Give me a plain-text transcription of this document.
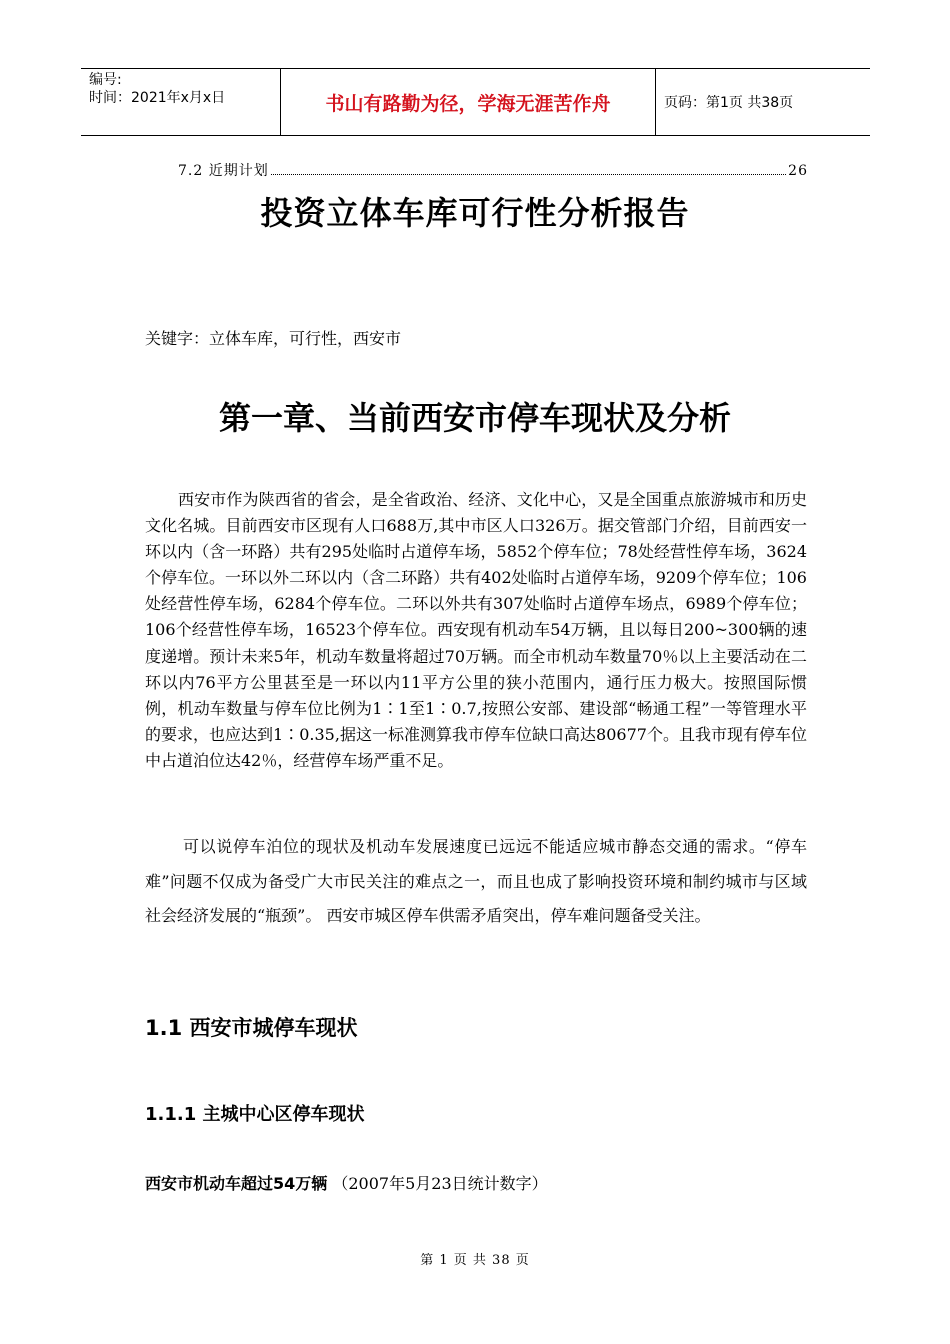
编号:
时间：2021年x月x日	书山有路勤为径，学海无涯苦作舟	页码：第1页 共38页
7.2 近期计划	26
投资立体车库可行性分析报告
关键字：立体车库，可行性，西安市
第一章、当前西安市停车现状及分析

西安市作为陕西省的省会，是全省政治、经济、文化中心，又是全国重点旅游城市和历史文化名城。目前西安市区现有人口688万,其中市区人口326万。据交管部门介绍，目前西安一环以内（含一环路）共有295处临时占道停车场，5852个停车位；78处经营性停车场，3624个停车位。一环以外二环以内（含二环路）共有402处临时占道停车场，9209个停车位；106处经营性停车场，6284个停车位。二环以外共有307处临时占道停车场点，6989个停车位；106个经营性停车场，16523个停车位。西安现有机动车54万辆，且以每日200~300辆的速度递增。预计未来5年，机动车数量将超过70万辆。而全市机动车数量70％以上主要活动在二环以内76平方公里甚至是一环以内11平方公里的狭小范围内，通行压力极大。按照国际惯例，机动车数量与停车位比例为1∶1至1∶0.7,按照公安部、建设部“畅通工程”一等管理水平的要求，也应达到1∶0.35,据这一标准测算我市停车位缺口高达80677个。且我市现有停车位中占道泊位达42％，经营停车场严重不足。

可以说停车泊位的现状及机动车发展速度已远远不能适应城市静态交通的需求。“停车难”问题不仅成为备受广大市民关注的难点之一，而且也成了影响投资环境和制约城市与区域社会经济发展的“瓶颈”。 西安市城区停车供需矛盾突出，停车难问题备受关注。

1.1 西安市城停车现状
1.1.1 主城中心区停车现状
西安市机动车超过54万辆 （2007年5月23日统计数字）
第 1 页 共 38 页
